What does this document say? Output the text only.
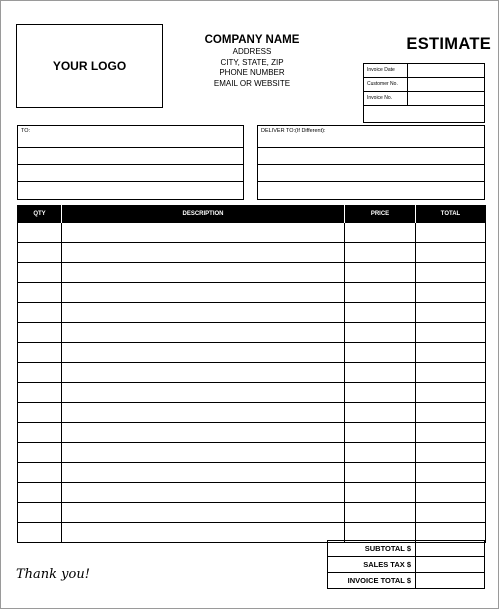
YOUR LOGO
COMPANY NAME
ADDRESS
CITY, STATE, ZIP
PHONE NUMBER
EMAIL OR WEBSITE
ESTIMATE
Invoice Date
Customer No.
Invoice No.
TO:	DELIVER TO:(If Different):
QTY	DESCRIPTION	PRICE	TOTAL

SUBTOTAL $
SALES TAX $
INVOICE TOTAL $
Thank you!
